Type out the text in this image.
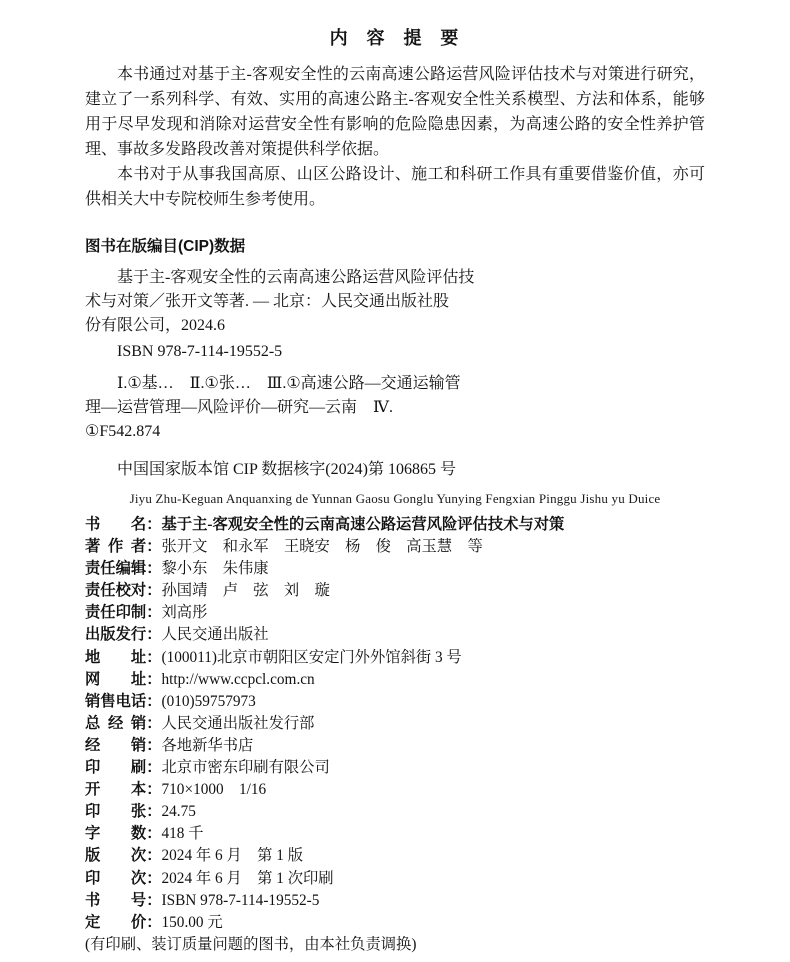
内 容 提 要

本书通过对基于主-客观安全性的云南高速公路运营风险评估技术与对策进行研究，建立了一系列科学、有效、实用的高速公路主-客观安全性关系模型、方法和体系，能够用于尽早发现和消除对运营安全性有影响的危险隐患因素，为高速公路的安全性养护管理、事故多发路段改善对策提供科学依据。

本书对于从事我国高原、山区公路设计、施工和科研工作具有重要借鉴价值，亦可供相关大中专院校师生参考使用。

图书在版编目(CIP)数据
基于主-客观安全性的云南高速公路运营风险评估技
术与对策／张开文等著. — 北京：人民交通出版社股
份有限公司，2024.6
ISBN 978-7-114-19552-5
Ⅰ.①基…　Ⅱ.①张…　Ⅲ.①高速公路—交通运输管
理—运营管理—风险评价—研究—云南　Ⅳ.
①F542.874
中国国家版本馆 CIP 数据核字(2024)第 106865 号
Jiyu Zhu-Keguan Anquanxing de Yunnan Gaosu Gonglu Yunying Fengxian Pinggu Jishu yu Duice
书名 ： 基于主-客观安全性的云南高速公路运营风险评估技术与对策
著作者 ： 张开文　和永军　王晓安　杨　俊　高玉慧　等
责任编辑 ： 黎小东　朱伟康
责任校对 ： 孙国靖　卢　弦　刘　璇
责任印制 ： 刘高彤
出版发行 ： 人民交通出版社
地址 ： (100011)北京市朝阳区安定门外外馆斜街 3 号
网址 ： http://www.ccpcl.com.cn
销售电话 ： (010)59757973
总经销 ： 人民交通出版社发行部
经销 ： 各地新华书店
印刷 ： 北京市密东印刷有限公司
开本 ： 710×1000　1/16
印张 ： 24.75
字数 ： 418 千
版次 ： 2024 年 6 月　第 1 版
印次 ： 2024 年 6 月　第 1 次印刷
书号 ： ISBN 978-7-114-19552-5
定价 ： 150.00 元
(有印刷、装订质量问题的图书，由本社负责调换)
